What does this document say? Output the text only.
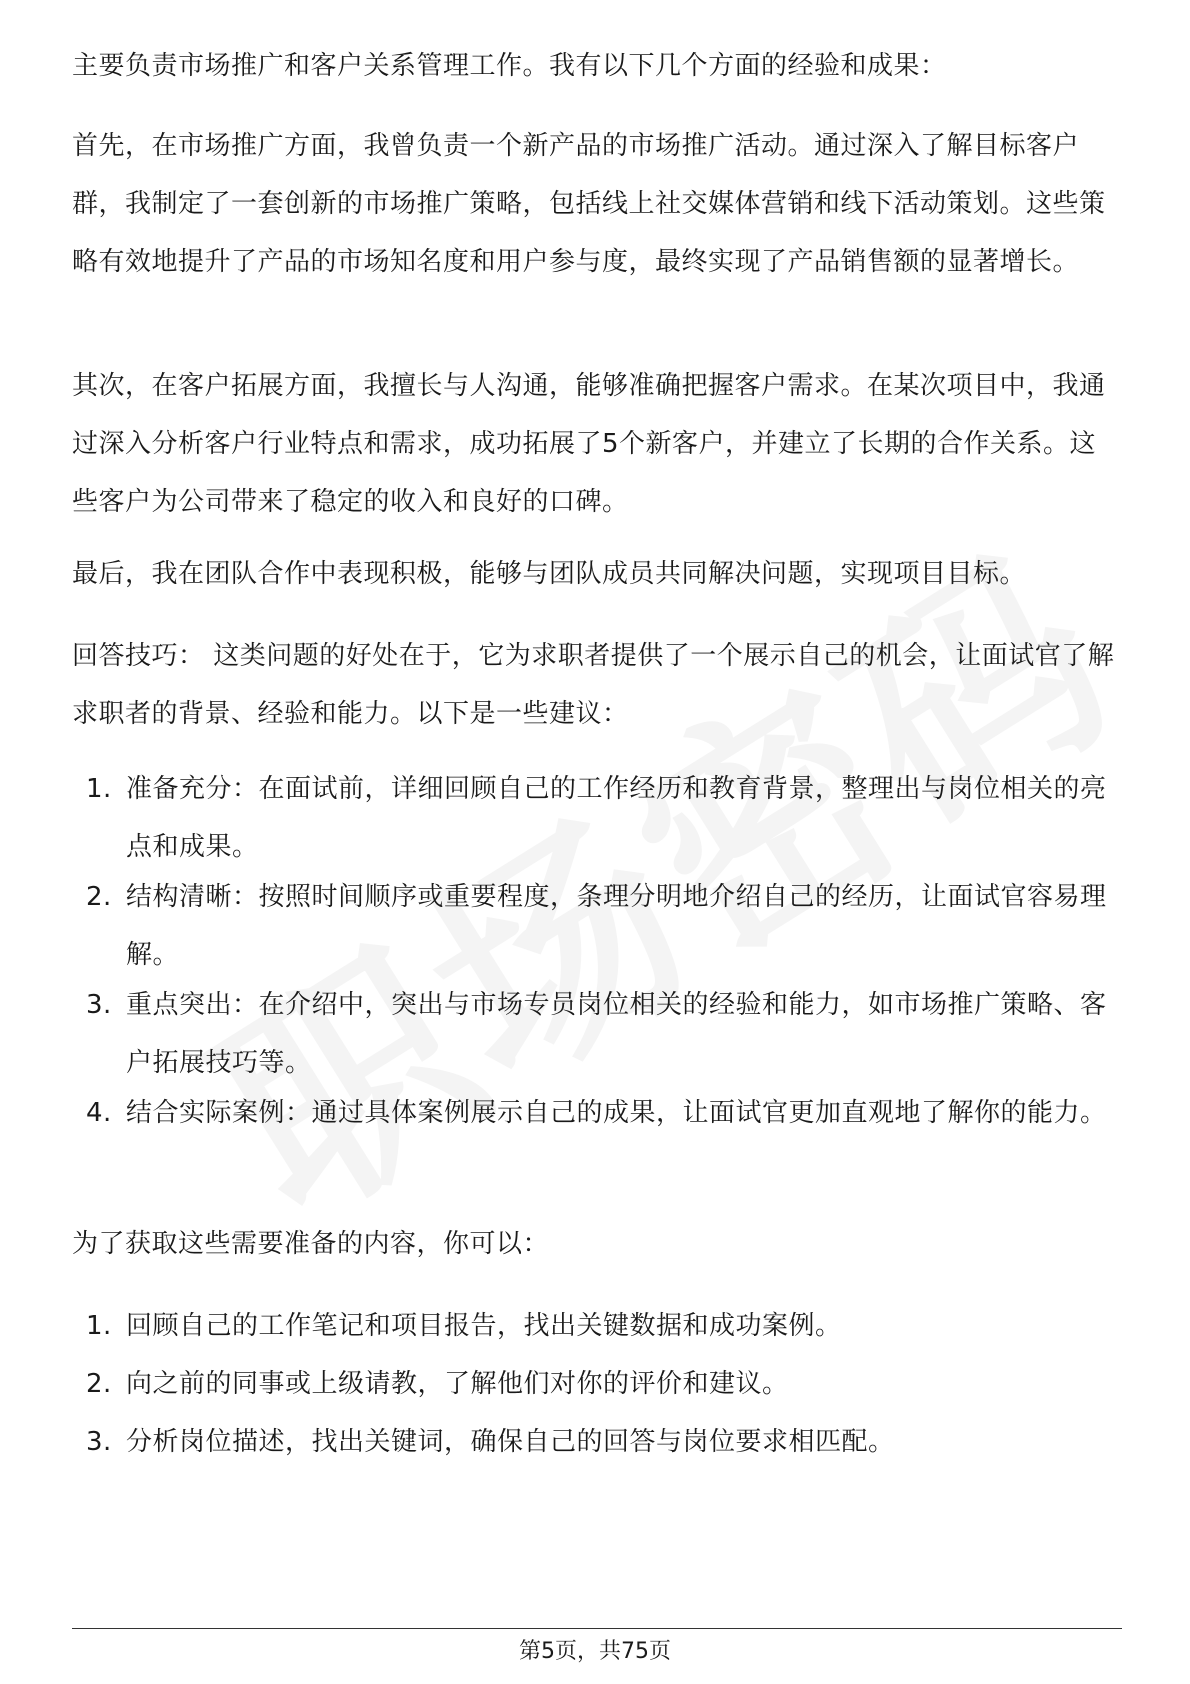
主要负责市场推广和客户关系管理工作。我有以下几个方面的经验和成果：

首先，在市场推广方面，我曾负责一个新产品的市场推广活动。通过深入了解目标客户群，我制定了一套创新的市场推广策略，包括线上社交媒体营销和线下活动策划。这些策略有效地提升了产品的市场知名度和用户参与度，最终实现了产品销售额的显著增长。

其次，在客户拓展方面，我擅长与人沟通，能够准确把握客户需求。在某次项目中，我通过深入分析客户行业特点和需求，成功拓展了5个新客户，并建立了长期的合作关系。这些客户为公司带来了稳定的收入和良好的口碑。

最后，我在团队合作中表现积极，能够与团队成员共同解决问题，实现项目目标。

回答技巧： 这类问题的好处在于，它为求职者提供了一个展示自己的机会，让面试官了解求职者的背景、经验和能力。以下是一些建议：

1. 准备充分：在面试前，详细回顾自己的工作经历和教育背景，整理出与岗位相关的亮点和成果。
2. 结构清晰：按照时间顺序或重要程度，条理分明地介绍自己的经历，让面试官容易理解。
3. 重点突出：在介绍中，突出与市场专员岗位相关的经验和能力，如市场推广策略、客户拓展技巧等。
4. 结合实际案例：通过具体案例展示自己的成果，让面试官更加直观地了解你的能力。

为了获取这些需要准备的内容，你可以：

1. 回顾自己的工作笔记和项目报告，找出关键数据和成功案例。
2. 向之前的同事或上级请教，了解他们对你的评价和建议。
3. 分析岗位描述，找出关键词，确保自己的回答与岗位要求相匹配。
第5页，共75页
